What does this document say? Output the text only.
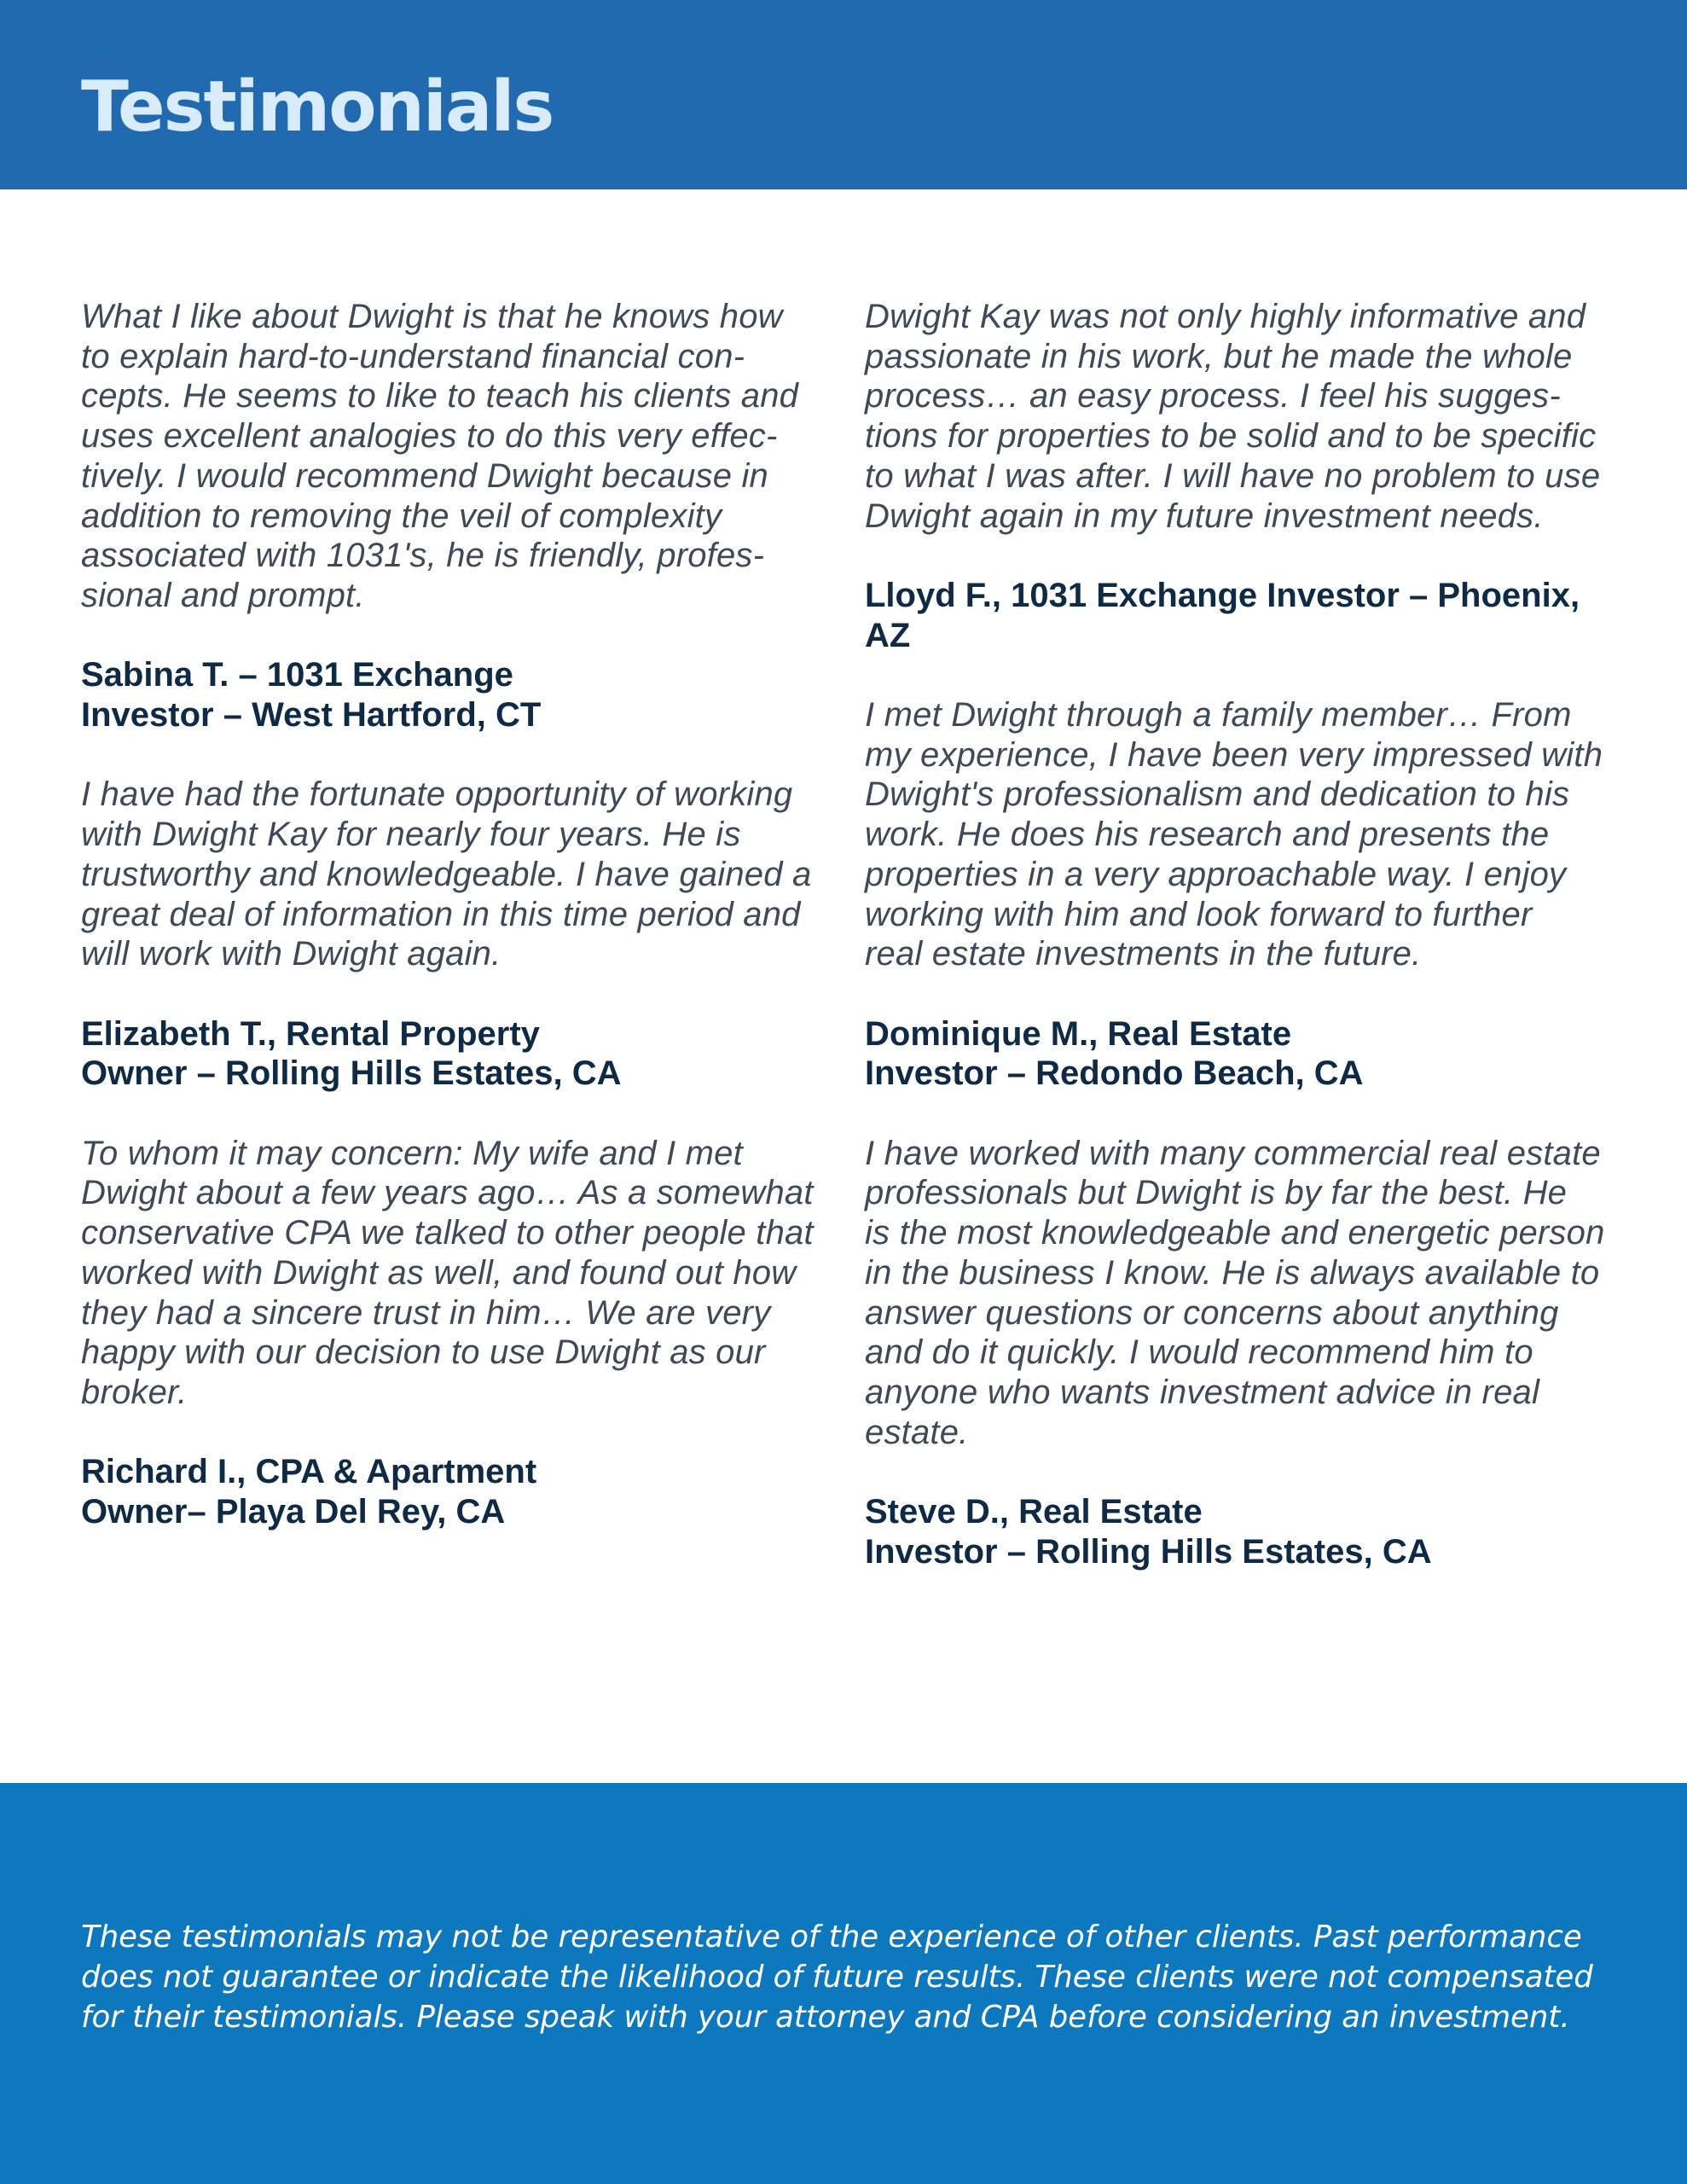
Testimonials

What I like about Dwight is that he knows how
to explain hard-to-understand financial con-
cepts. He seems to like to teach his clients and
uses excellent analogies to do this very effec-
tively. I would recommend Dwight because in
addition to removing the veil of complexity
associated with 1031's, he is friendly, profes-
sional and prompt.

Sabina T. – 1031 Exchange
Investor – West Hartford, CT

I have had the fortunate opportunity of working
with Dwight Kay for nearly four years. He is
trustworthy and knowledgeable. I have gained a
great deal of information in this time period and
will work with Dwight again.

Elizabeth T., Rental Property
Owner – Rolling Hills Estates, CA

To whom it may concern: My wife and I met
Dwight about a few years ago… As a somewhat
conservative CPA we talked to other people that
worked with Dwight as well, and found out how
they had a sincere trust in him… We are very
happy with our decision to use Dwight as our
broker.

Richard I., CPA & Apartment
Owner– Playa Del Rey, CA

Dwight Kay was not only highly informative and
passionate in his work, but he made the whole
process… an easy process. I feel his sugges-
tions for properties to be solid and to be specific
to what I was after. I will have no problem to use
Dwight again in my future investment needs.

Lloyd F., 1031 Exchange Investor – Phoenix,
AZ

I met Dwight through a family member… From
my experience, I have been very impressed with
Dwight's professionalism and dedication to his
work. He does his research and presents the
properties in a very approachable way. I enjoy
working with him and look forward to further
real estate investments in the future.

Dominique M., Real Estate
Investor – Redondo Beach, CA

I have worked with many commercial real estate
professionals but Dwight is by far the best. He
is the most knowledgeable and energetic person
in the business I know. He is always available to
answer questions or concerns about anything
and do it quickly. I would recommend him to
anyone who wants investment advice in real
estate.

Steve D., Real Estate
Investor – Rolling Hills Estates, CA

These testimonials may not be representative of the experience of other clients. Past performance
does not guarantee or indicate the likelihood of future results. These clients were not compensated
for their testimonials. Please speak with your attorney and CPA before considering an investment.
